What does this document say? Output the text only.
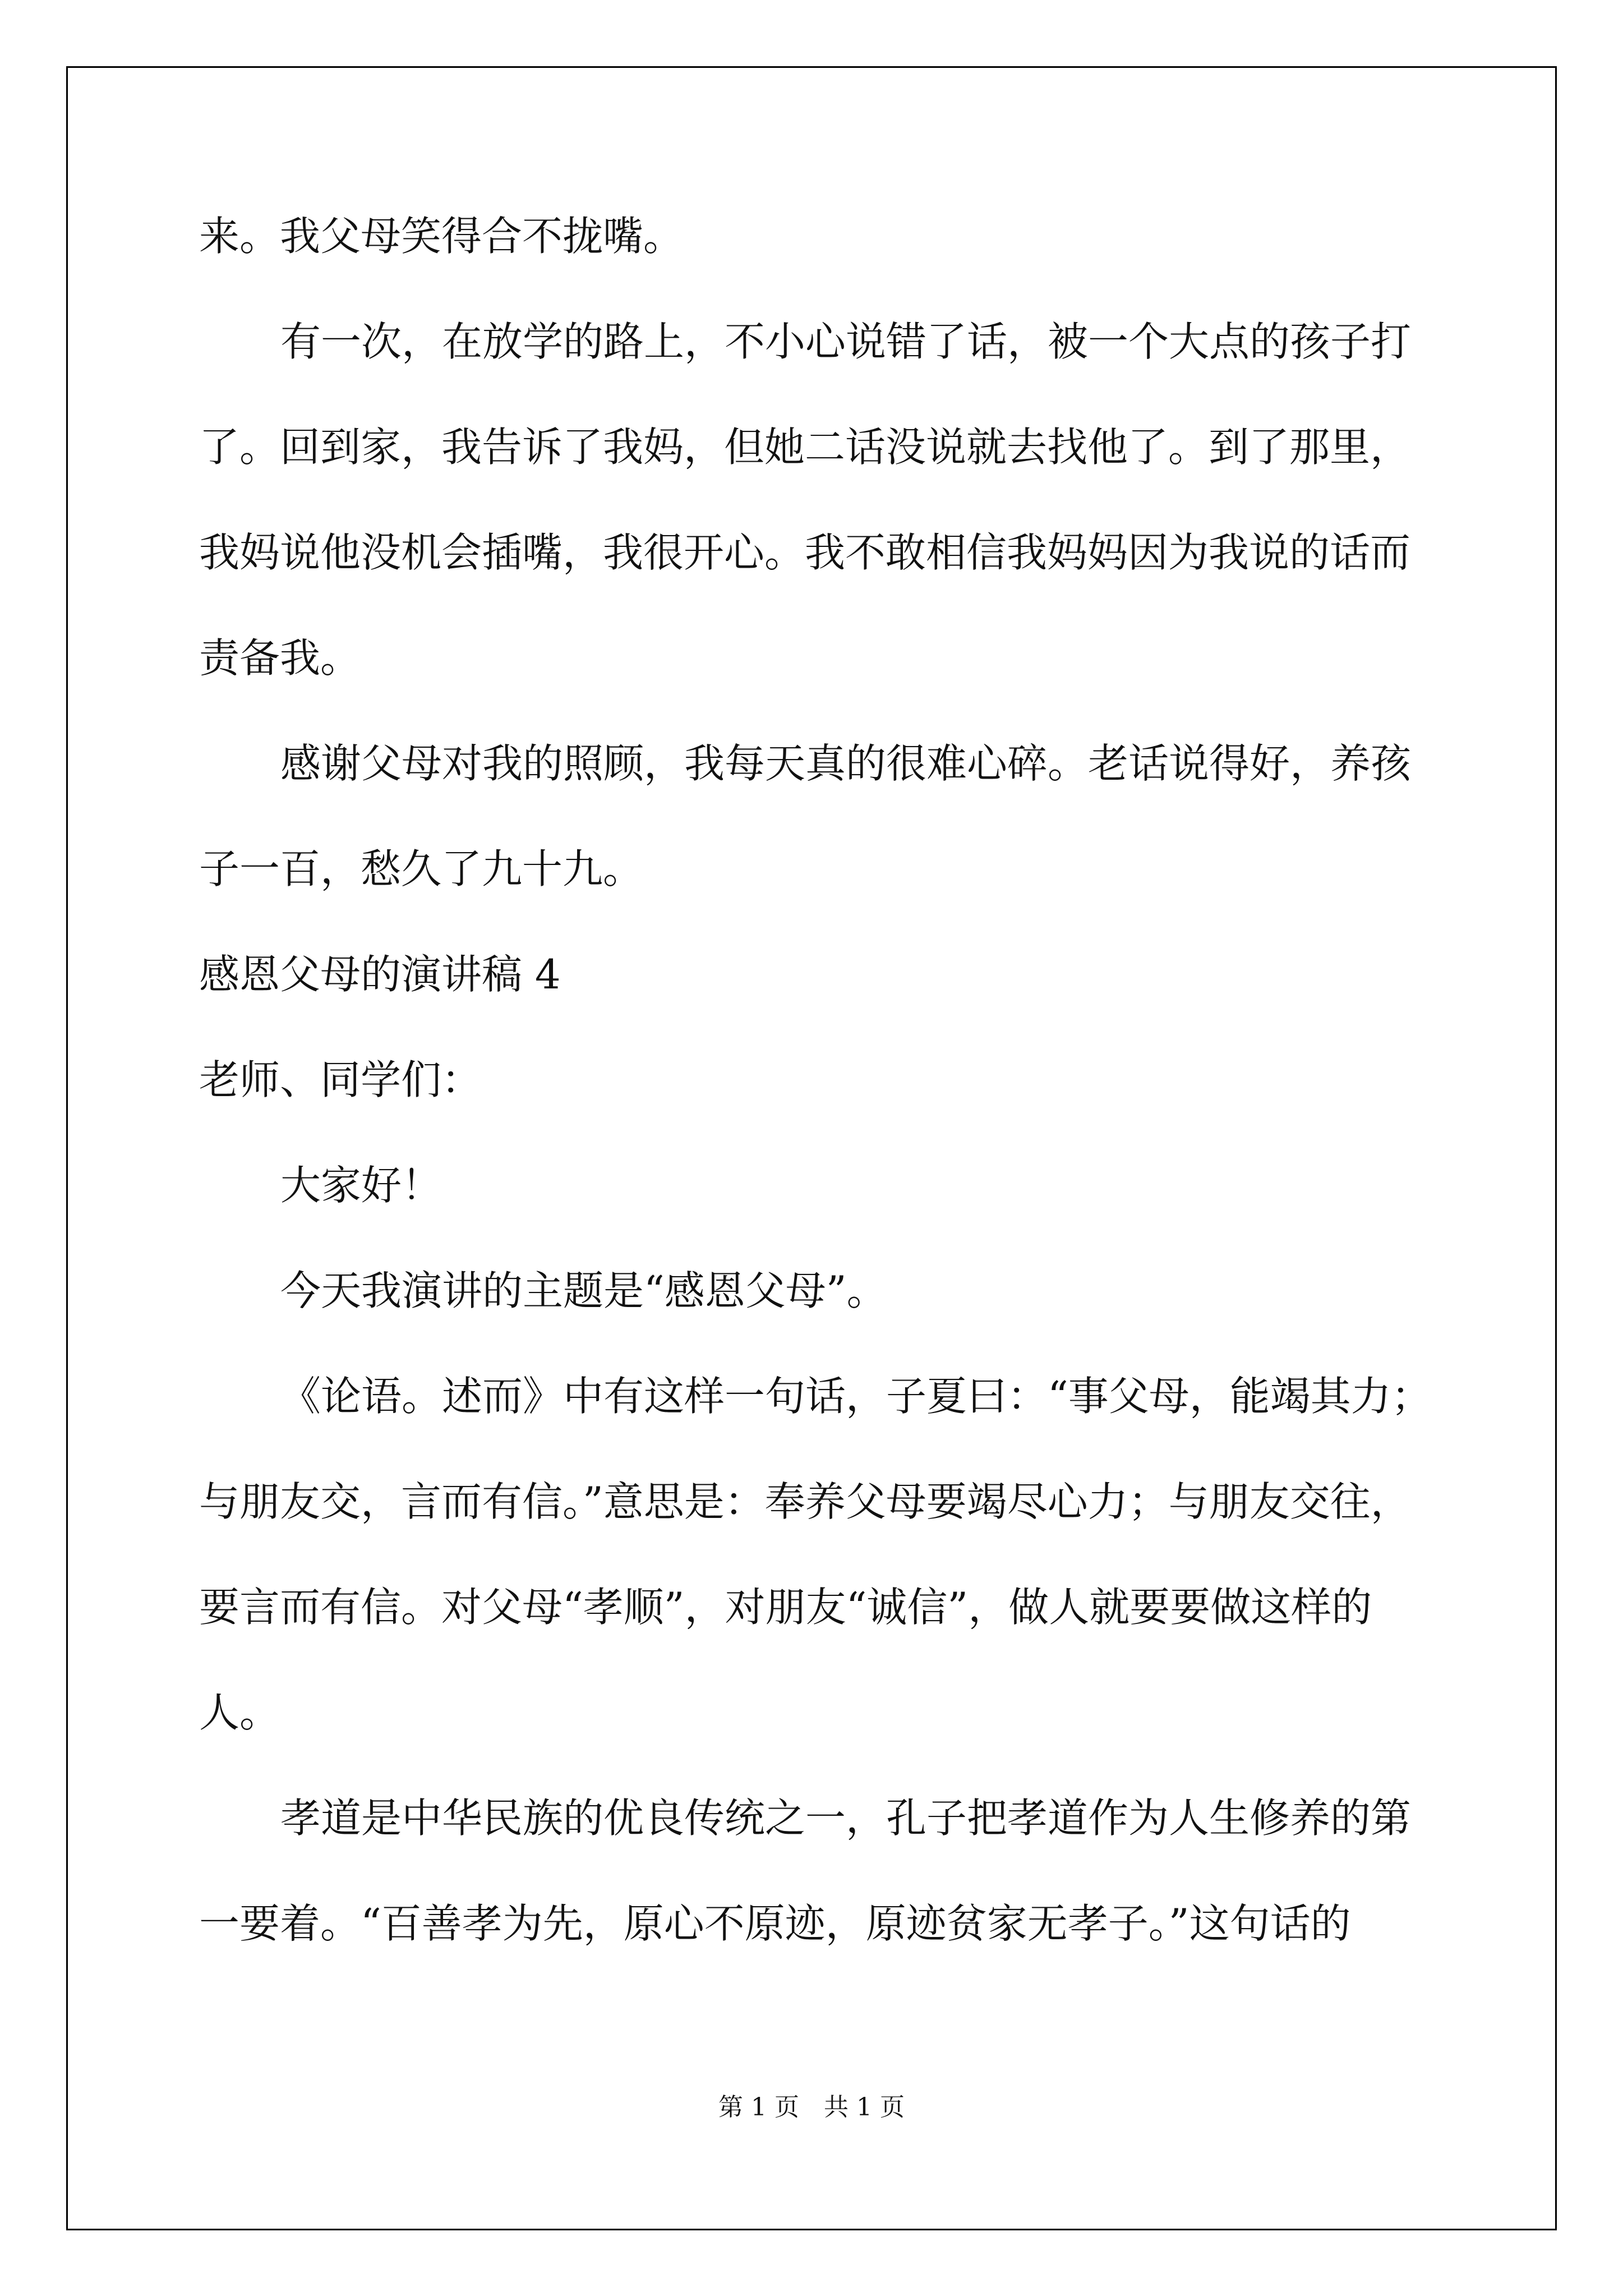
来。我父母笑得合不拢嘴。
有一次，在放学的路上，不小心说错了话，被一个大点的孩子打
了。回到家，我告诉了我妈，但她二话没说就去找他了。到了那里，
我妈说他没机会插嘴，我很开心。我不敢相信我妈妈因为我说的话而
责备我。
感谢父母对我的照顾，我每天真的很难心碎。老话说得好，养孩
子一百，愁久了九十九。
感恩父母的演讲稿 4
老师、同学们：
大家好！
今天我演讲的主题是“感恩父母”。
《论语。述而》中有这样一句话，子夏曰：“事父母，能竭其力；
与朋友交，言而有信。”意思是：奉养父母要竭尽心力；与朋友交往，
要言而有信。对父母“孝顺”，对朋友“诚信”，做人就要要做这样的
人。
孝道是中华民族的优良传统之一，孔子把孝道作为人生修养的第
一要着。“百善孝为先，原心不原迹，原迹贫家无孝子。”这句话的
第 1 页　共 1 页
